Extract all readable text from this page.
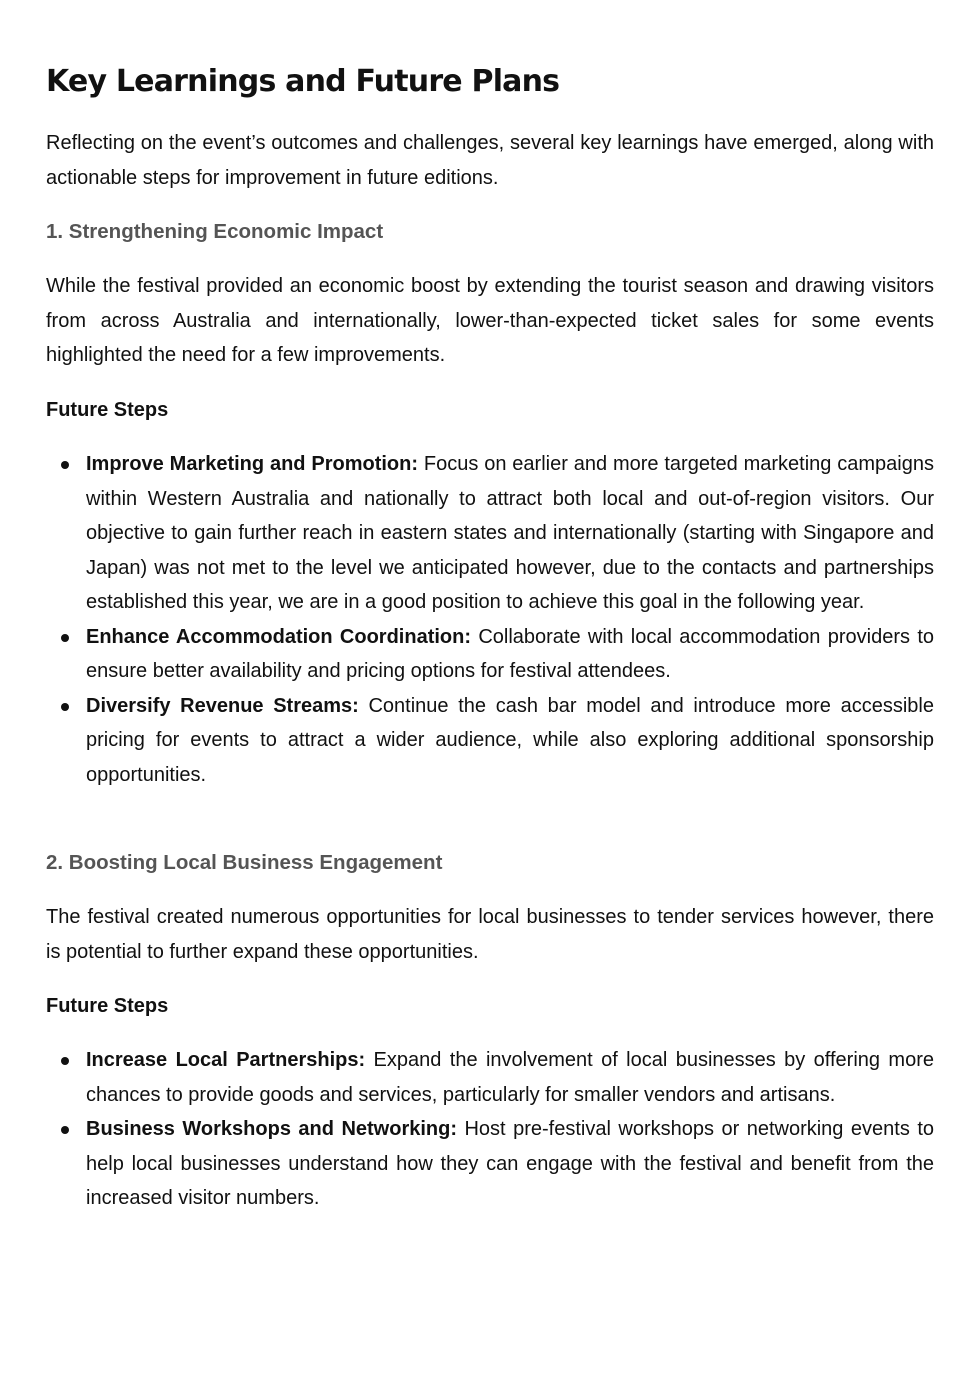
Key Learnings and Future Plans

Reflecting on the event’s outcomes and challenges, several key learnings have emerged, along with actionable steps for improvement in future editions.

1. Strengthening Economic Impact

While the festival provided an economic boost by extending the tourist season and drawing visitors from across Australia and internationally, lower-than-expected ticket sales for some events highlighted the need for a few improvements.

Future Steps
Improve Marketing and Promotion: Focus on earlier and more targeted marketing campaigns within Western Australia and nationally to attract both local and out-of-region visitors. Our objective to gain further reach in eastern states and internationally (starting with Singapore and Japan) was not met to the level we anticipated however, due to the contacts and partnerships established this year, we are in a good position to achieve this goal in the following year.
Enhance Accommodation Coordination: Collaborate with local accommodation providers to ensure better availability and pricing options for festival attendees.
Diversify Revenue Streams: Continue the cash bar model and introduce more accessible pricing for events to attract a wider audience, while also exploring additional sponsorship opportunities.
2. Boosting Local Business Engagement

The festival created numerous opportunities for local businesses to tender services however, there is potential to further expand these opportunities.

Future Steps
Increase Local Partnerships: Expand the involvement of local businesses by offering more chances to provide goods and services, particularly for smaller vendors and artisans.
Business Workshops and Networking: Host pre-festival workshops or networking events to help local businesses understand how they can engage with the festival and benefit from the increased visitor numbers.
